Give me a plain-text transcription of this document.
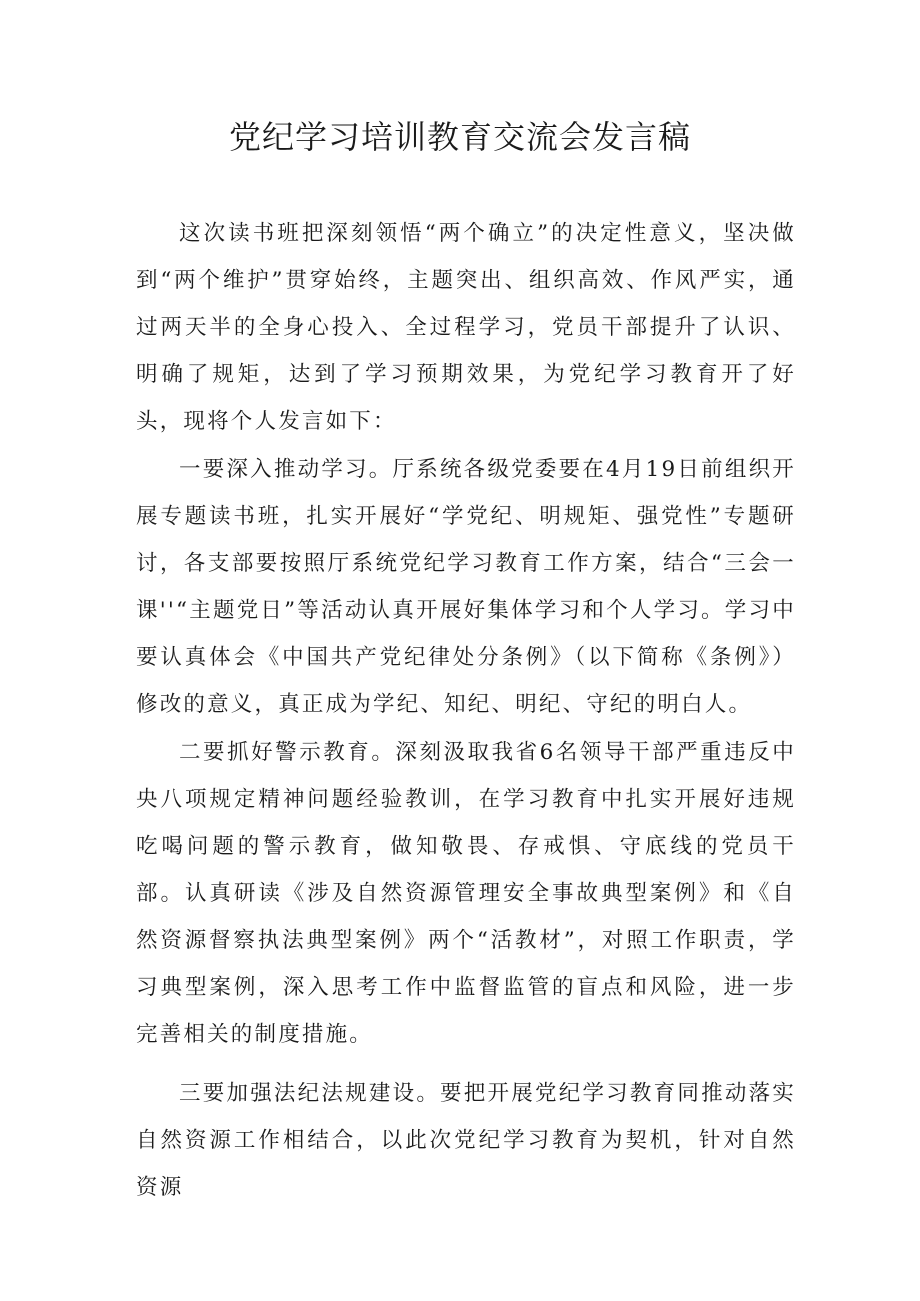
党纪学习培训教育交流会发言稿

这次读书班把深刻领悟“两个确立”的决定性意义，坚决做到“两个维护”贯穿始终，主题突出、组织高效、作风严实，通过两天半的全身心投入、全过程学习，党员干部提升了认识、明确了规矩，达到了学习预期效果，为党纪学习教育开了好头，现将个人发言如下：

一要深入推动学习。厅系统各级党委要在4月19日前组织开展专题读书班，扎实开展好“学党纪、明规矩、强党性”专题研讨，各支部要按照厅系统党纪学习教育工作方案，结合“三会一课''“主题党日”等活动认真开展好集体学习和个人学习。学习中要认真体会《中国共产党纪律处分条例》（以下简称《条例》）修改的意义，真正成为学纪、知纪、明纪、守纪的明白人。

二要抓好警示教育。深刻汲取我省6名领导干部严重违反中央八项规定精神问题经验教训，在学习教育中扎实开展好违规吃喝问题的警示教育，做知敬畏、存戒惧、守底线的党员干部。认真研读《涉及自然资源管理安全事故典型案例》和《自然资源督察执法典型案例》两个“活教材”，对照工作职责，学习典型案例，深入思考工作中监督监管的盲点和风险，进一步完善相关的制度措施。

三要加强法纪法规建设。要把开展党纪学习教育同推动落实自然资源工作相结合，以此次党纪学习教育为契机，针对自然资源
